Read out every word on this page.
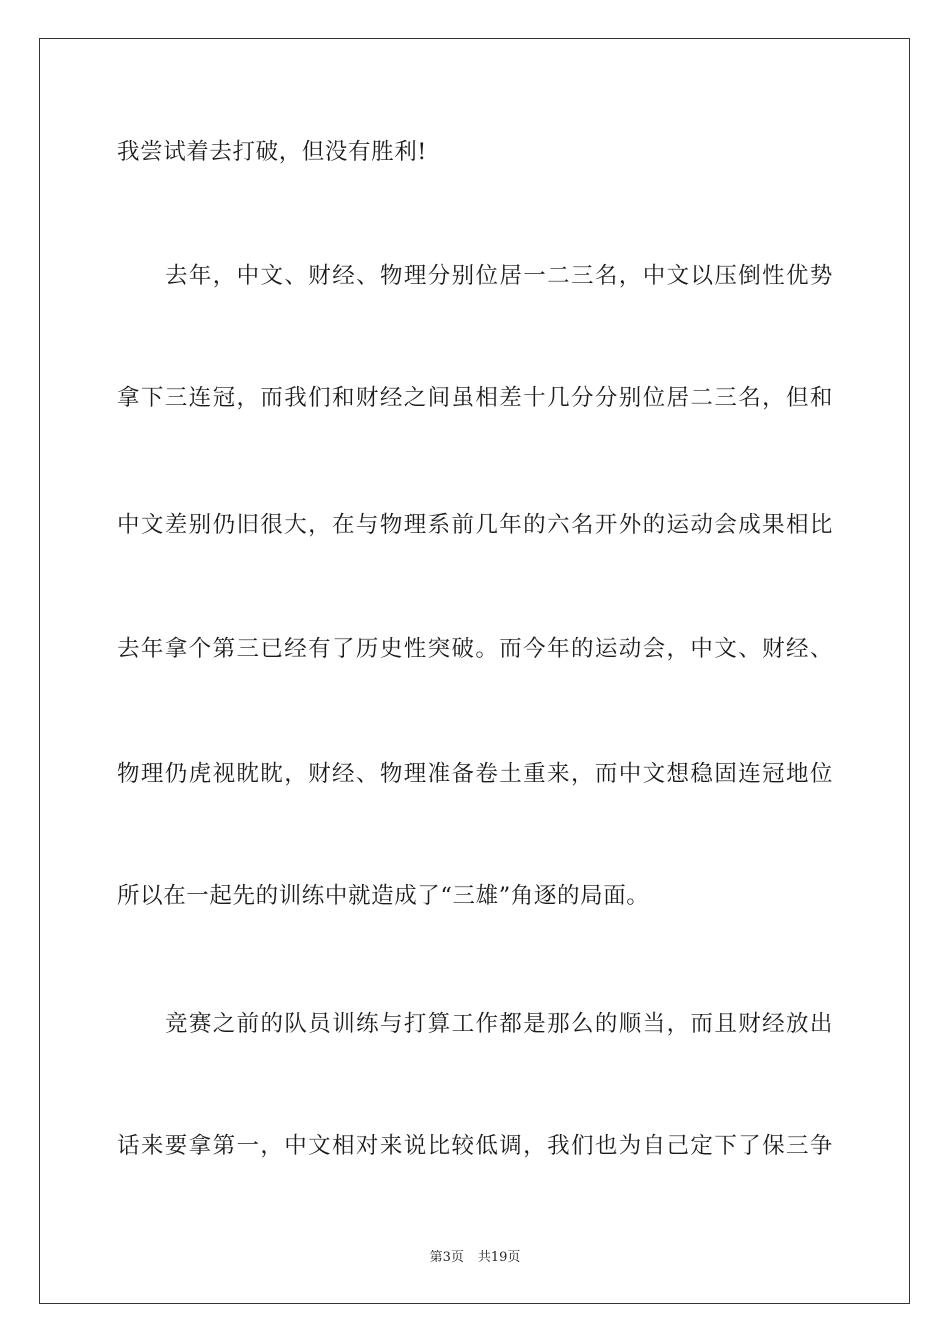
我尝试着去打破，但没有胜利!
去年，中文、财经、物理分别位居一二三名，中文以压倒性优势
拿下三连冠，而我们和财经之间虽相差十几分分别位居二三名，但和
中文差别仍旧很大，在与物理系前几年的六名开外的运动会成果相比
去年拿个第三已经有了历史性突破。而今年的运动会，中文、财经、
物理仍虎视眈眈，财经、物理准备卷土重来，而中文想稳固连冠地位
所以在一起先的训练中就造成了“三雄”角逐的局面。
竞赛之前的队员训练与打算工作都是那么的顺当，而且财经放出
话来要拿第一，中文相对来说比较低调，我们也为自己定下了保三争
第3页 共19页
